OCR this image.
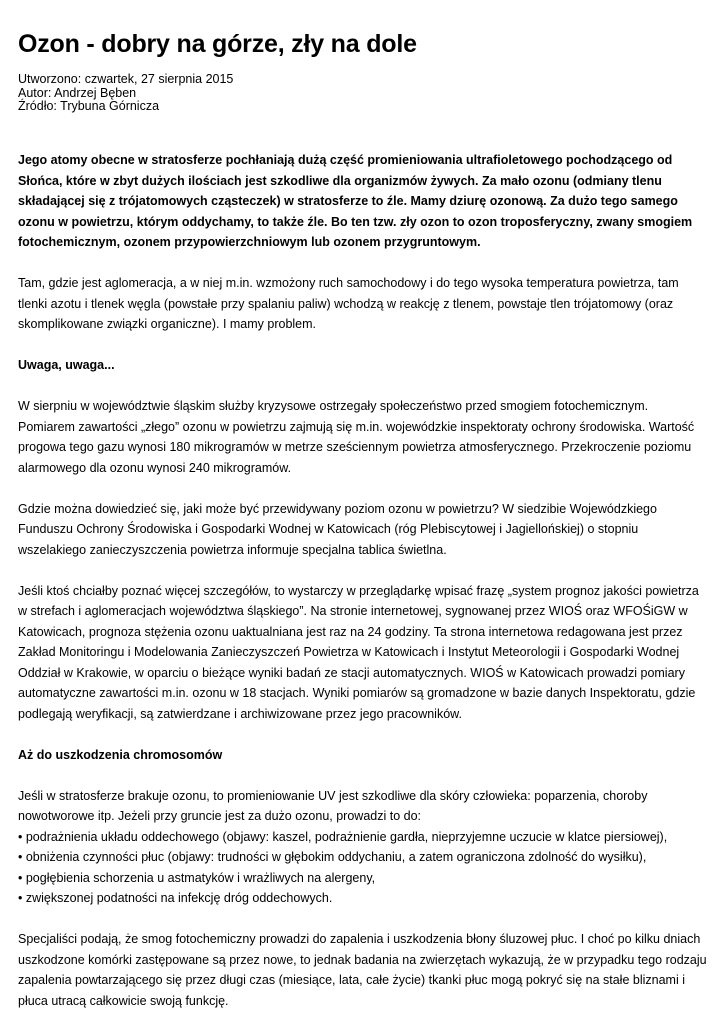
Ozon - dobry na górze, zły na dole
Utworzono: czwartek, 27 sierpnia 2015
Autor: Andrzej Bęben
Źródło: Trybuna Górnicza

Jego atomy obecne w stratosferze pochłaniają dużą część promieniowania ultrafioletowego pochodzącego od Słońca, które w zbyt dużych ilościach jest szkodliwe dla organizmów żywych. Za mało ozonu (odmiany tlenu składającej się z trójatomowych cząsteczek) w stratosferze to źle. Mamy dziurę ozonową. Za dużo tego samego ozonu w powietrzu, którym oddychamy, to także źle. Bo ten tzw. zły ozon to ozon troposferyczny, zwany smogiem fotochemicznym, ozonem przypowierzchniowym lub ozonem przygruntowym.

Tam, gdzie jest aglomeracja, a w niej m.in. wzmożony ruch samochodowy i do tego wysoka temperatura powietrza, tam tlenki azotu i tlenek węgla (powstałe przy spalaniu paliw) wchodzą w reakcję z tlenem, powstaje tlen trójatomowy (oraz skomplikowane związki organiczne). I mamy problem.

Uwaga, uwaga...

W sierpniu w województwie śląskim służby kryzysowe ostrzegały społeczeństwo przed smogiem fotochemicznym. Pomiarem zawartości „złego” ozonu w powietrzu zajmują się m.in. wojewódzkie inspektoraty ochrony środowiska. Wartość progowa tego gazu wynosi 180 mikrogramów w metrze sześciennym powietrza atmosferycznego. Przekroczenie poziomu alarmowego dla ozonu wynosi 240 mikrogramów.

Gdzie można dowiedzieć się, jaki może być przewidywany poziom ozonu w powietrzu? W siedzibie Wojewódzkiego Funduszu Ochrony Środowiska i Gospodarki Wodnej w Katowicach (róg Plebiscytowej i Jagiellońskiej) o stopniu wszelakiego zanieczyszczenia powietrza informuje specjalna tablica świetlna.

Jeśli ktoś chciałby poznać więcej szczegółów, to wystarczy w przeglądarkę wpisać frazę „system prognoz jakości powietrza w strefach i aglomeracjach województwa śląskiego”. Na stronie internetowej, sygnowanej przez WIOŚ oraz WFOŚiGW w Katowicach, prognoza stężenia ozonu uaktualniana jest raz na 24 godziny. Ta strona internetowa redagowana jest przez Zakład Monitoringu i Modelowania Zanieczyszczeń Powietrza w Katowicach i Instytut Meteorologii i Gospodarki Wodnej Oddział w Krakowie, w oparciu o bieżące wyniki badań ze stacji automatycznych. WIOŚ w Katowicach prowadzi pomiary automatyczne zawartości m.in. ozonu w 18 stacjach. Wyniki pomiarów są gromadzone w bazie danych Inspektoratu, gdzie podlegają weryfikacji, są zatwierdzane i archiwizowane przez jego pracowników.

Aż do uszkodzenia chromosomów

Jeśli w stratosferze brakuje ozonu, to promieniowanie UV jest szkodliwe dla skóry człowieka: poparzenia, choroby nowotworowe itp. Jeżeli przy gruncie jest za dużo ozonu, prowadzi to do:

• podrażnienia układu oddechowego (objawy: kaszel, podrażnienie gardła, nieprzyjemne uczucie w klatce piersiowej),
• obniżenia czynności płuc (objawy: trudności w głębokim oddychaniu, a zatem ograniczona zdolność do wysiłku),
• pogłębienia schorzenia u astmatyków i wrażliwych na alergeny,
• zwiększonej podatności na infekcję dróg oddechowych.

Specjaliści podają, że smog fotochemiczny prowadzi do zapalenia i uszkodzenia błony śluzowej płuc. I choć po kilku dniach uszkodzone komórki zastępowane są przez nowe, to jednak badania na zwierzętach wykazują, że w przypadku tego rodzaju zapalenia powtarzającego się przez długi czas (miesiące, lata, całe życie) tkanki płuc mogą pokryć się na stałe bliznami i płuca utracą całkowicie swoją funkcję.
